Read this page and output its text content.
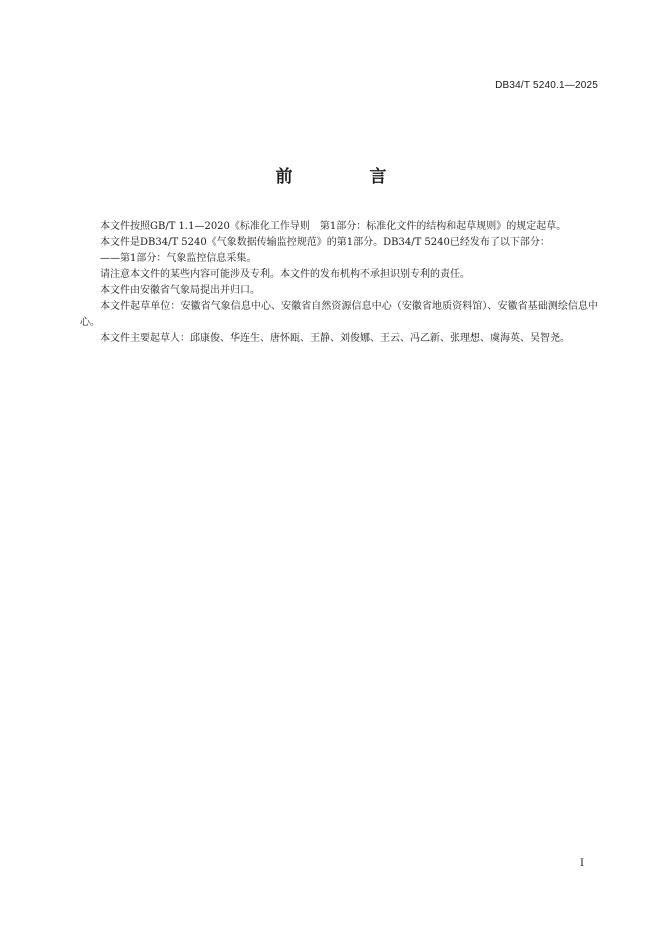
DB34/T 5240.1—2025
前　言

本文件按照GB/T 1.1—2020《标准化工作导则　第1部分：标准化文件的结构和起草规则》的规定起草。

本文件是DB34/T 5240《气象数据传输监控规范》的第1部分。DB34/T 5240已经发布了以下部分：

——第1部分：气象监控信息采集。

请注意本文件的某些内容可能涉及专利。本文件的发布机构不承担识别专利的责任。

本文件由安徽省气象局提出并归口。

本文件起草单位：安徽省气象信息中心、安徽省自然资源信息中心（安徽省地质资料馆）、安徽省基础测绘信息中心。

本文件主要起草人：邱康俊、华连生、唐怀瓯、王静、刘俊娜、王云、冯乙新、张理想、虞海英、吴智尧。

I
